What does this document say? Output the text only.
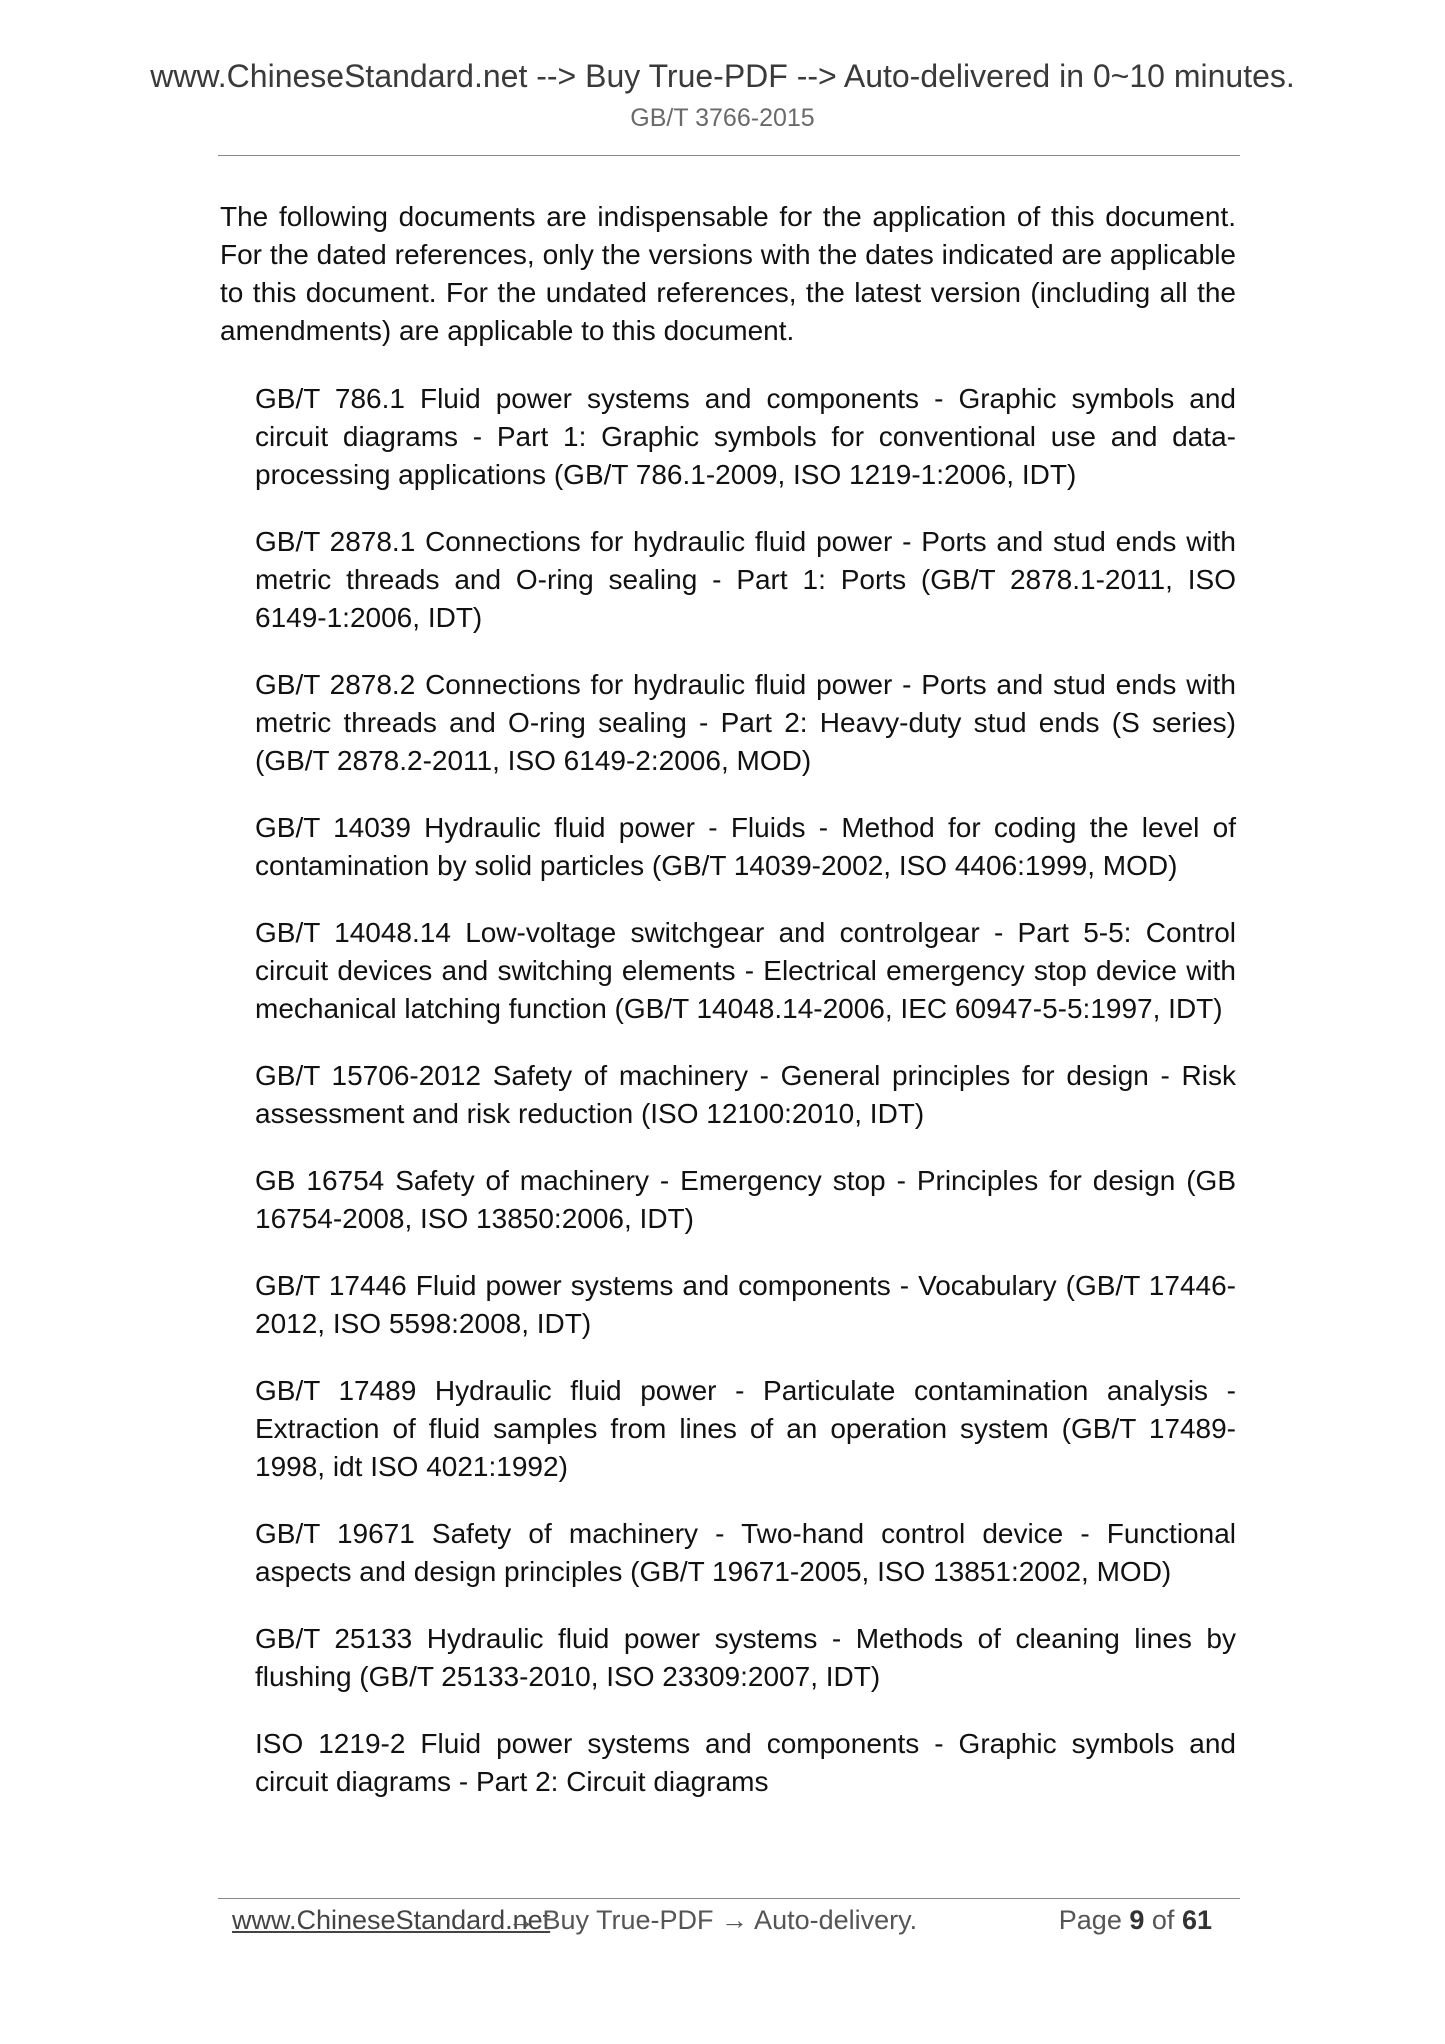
www.ChineseStandard.net --> Buy True-PDF --> Auto-delivered in 0~10 minutes.
GB/T 3766-2015

The following documents are indispensable for the application of this document. For the dated references, only the versions with the dates indicated are applicable to this document. For the undated references, the latest version (including all the amendments) are applicable to this document.

GB/T 786.1 Fluid power systems and components - Graphic symbols and circuit diagrams - Part 1: Graphic symbols for conventional use and data-processing applications (GB/T 786.1-2009, ISO 1219-1:2006, IDT)
GB/T 2878.1 Connections for hydraulic fluid power - Ports and stud ends with metric threads and O-ring sealing - Part 1: Ports (GB/T 2878.1-2011, ISO 6149-1:2006, IDT)
GB/T 2878.2 Connections for hydraulic fluid power - Ports and stud ends with metric threads and O-ring sealing - Part 2: Heavy-duty stud ends (S series) (GB/T 2878.2-2011, ISO 6149-2:2006, MOD)
GB/T 14039 Hydraulic fluid power - Fluids - Method for coding the level of contamination by solid particles (GB/T 14039-2002, ISO 4406:1999, MOD)
GB/T 14048.14 Low-voltage switchgear and controlgear - Part 5-5: Control circuit devices and switching elements - Electrical emergency stop device with mechanical latching function (GB/T 14048.14-2006, IEC 60947-5-5:1997, IDT)
GB/T 15706-2012 Safety of machinery - General principles for design - Risk assessment and risk reduction (ISO 12100:2010, IDT)
GB 16754 Safety of machinery - Emergency stop - Principles for design (GB 16754-2008, ISO 13850:2006, IDT)
GB/T 17446 Fluid power systems and components - Vocabulary (GB/T 17446-2012, ISO 5598:2008, IDT)
GB/T 17489 Hydraulic fluid power - Particulate contamination analysis - Extraction of fluid samples from lines of an operation system (GB/T 17489-1998, idt ISO 4021:1992)
GB/T 19671 Safety of machinery - Two-hand control device - Functional aspects and design principles (GB/T 19671-2005, ISO 13851:2002, MOD)
GB/T 25133 Hydraulic fluid power systems - Methods of cleaning lines by flushing (GB/T 25133-2010, ISO 23309:2007, IDT)
ISO 1219-2 Fluid power systems and components - Graphic symbols and circuit diagrams - Part 2: Circuit diagrams
www.ChineseStandard.net
→ Buy True-PDF → Auto-delivery.	Page 9 of 61
